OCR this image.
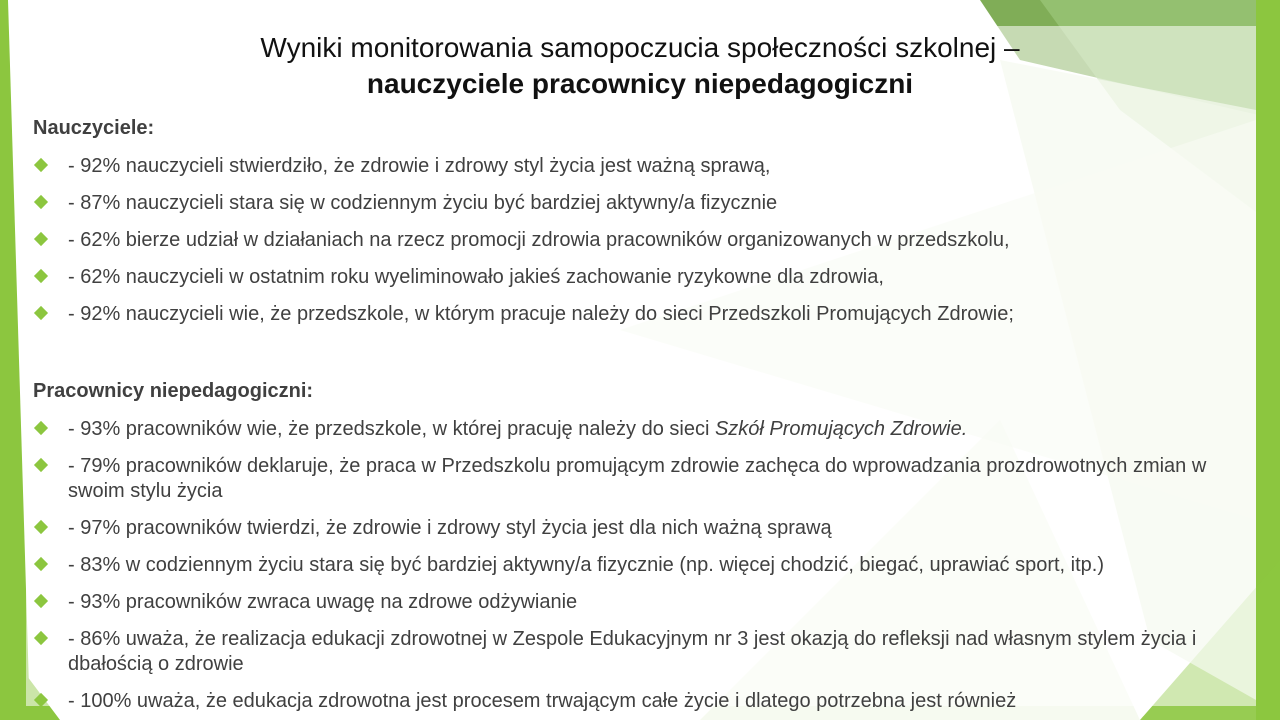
Wyniki monitorowania samopoczucia społeczności szkolnej –
nauczyciele pracownicy niepedagogiczni

Nauczyciele:

- 92% nauczycieli stwierdziło, że zdrowie i zdrowy styl życia jest ważną sprawą,
- 87% nauczycieli stara się w codziennym życiu być bardziej aktywny/a fizycznie
- 62% bierze udział w działaniach na rzecz promocji zdrowia pracowników organizowanych w przedszkolu,
- 62% nauczycieli w ostatnim roku wyeliminowało jakieś zachowanie ryzykowne dla zdrowia,
- 92% nauczycieli wie, że przedszkole, w którym pracuje należy do sieci Przedszkoli Promujących Zdrowie;

Pracownicy niepedagogiczni:

- 93% pracowników wie, że przedszkole, w której pracuję należy do sieci Szkół Promujących Zdrowie.
- 79% pracowników deklaruje, że praca w Przedszkolu promującym zdrowie zachęca do wprowadzania prozdrowotnych zmian w swoim stylu życia
- 97% pracowników twierdzi, że zdrowie i zdrowy styl życia jest dla nich ważną sprawą
- 83% w codziennym życiu stara się być bardziej aktywny/a fizycznie (np. więcej chodzić, biegać, uprawiać sport, itp.)
- 93% pracowników zwraca uwagę na zdrowe odżywianie
- 86% uważa, że realizacja edukacji zdrowotnej w Zespole Edukacyjnym nr 3 jest okazją do refleksji nad własnym stylem życia i dbałością o zdrowie
- 100% uważa, że edukacja zdrowotna jest procesem trwającym całe życie i dlatego potrzebna jest również
